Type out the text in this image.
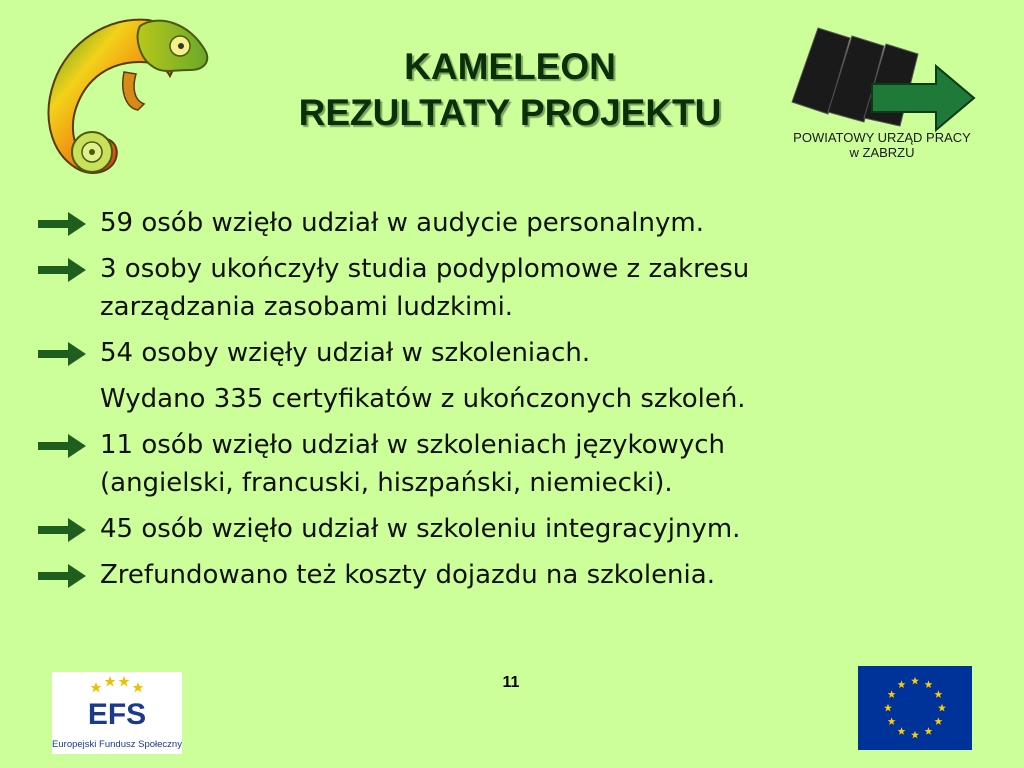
KAMELEON
REZULTATY PROJEKTU
POWIATOWY URZĄD PRACY
w ZABRZU
59 osób wzięło udział w audycie personalnym.
3 osoby ukończyły studia podyplomowe z zakresu zarządzania zasobami ludzkimi.
54 osoby wzięły udział w szkoleniach.
Wydano 335 certyfikatów z ukończonych szkoleń.
11 osób wzięło udział w szkoleniach językowych (angielski, francuski, hiszpański, niemiecki).
45 osób wzięło udział w szkoleniu integracyjnym.
Zrefundowano też koszty dojazdu na szkolenia.
11
EFS
Europejski Fundusz Społeczny
